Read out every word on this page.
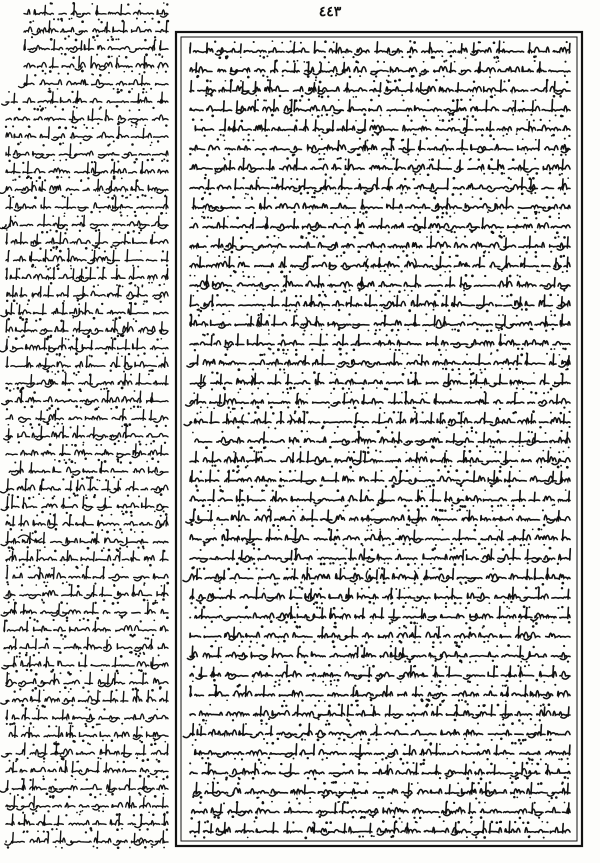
٤٤٣
